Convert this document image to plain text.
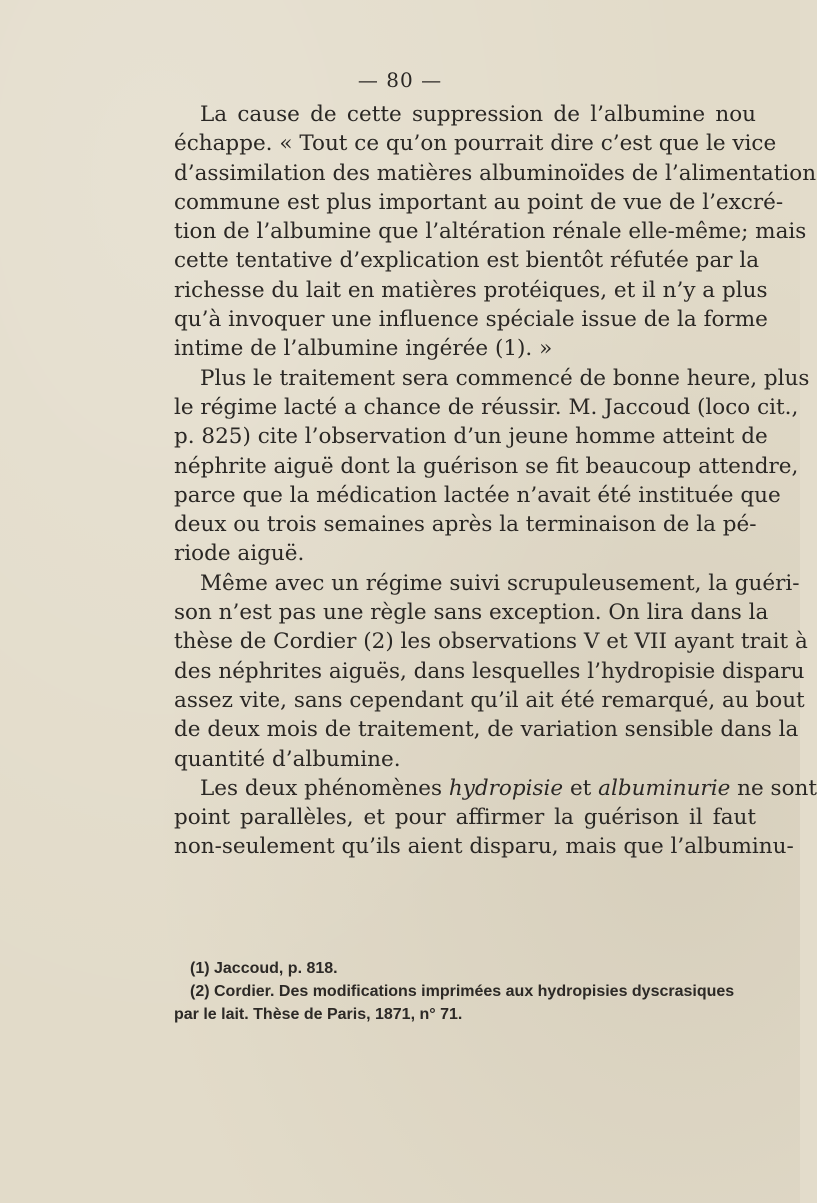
— 80 —
La cause de cette suppression de l’albumine nou
échappe. « Tout ce qu’on pourrait dire c’est que le vice
d’assimilation des matières albuminoïdes de l’alimentation
commune est plus important au point de vue de l’excré-
tion de l’albumine que l’altération rénale elle-même; mais
cette tentative d’explication est bientôt réfutée par la
richesse du lait en matières protéiques, et il n’y a plus
qu’à invoquer une influence spéciale issue de la forme
intime de l’albumine ingérée (1). »
Plus le traitement sera commencé de bonne heure, plus
le régime lacté a chance de réussir. M. Jaccoud (loco cit.,
p. 825) cite l’observation d’un jeune homme atteint de
néphrite aiguë dont la guérison se fit beaucoup attendre,
parce que la médication lactée n’avait été instituée que
deux ou trois semaines après la terminaison de la pé-
riode aiguë.
Même avec un régime suivi scrupuleusement, la guéri-
son n’est pas une règle sans exception. On lira dans la
thèse de Cordier (2) les observations V et VII ayant trait à
des néphrites aiguës, dans lesquelles l’hydropisie disparu
assez vite, sans cependant qu’il ait été remarqué, au bout
de deux mois de traitement, de variation sensible dans la
quantité d’albumine.
Les deux phénomènes hydropisie et albuminurie ne sont
point parallèles, et pour affirmer la guérison il faut
non-seulement qu’ils aient disparu, mais que l’albuminu-
(1) Jaccoud, p. 818.
(2) Cordier. Des modifications imprimées aux hydropisies dyscrasiques
par le lait. Thèse de Paris, 1871, n° 71.
